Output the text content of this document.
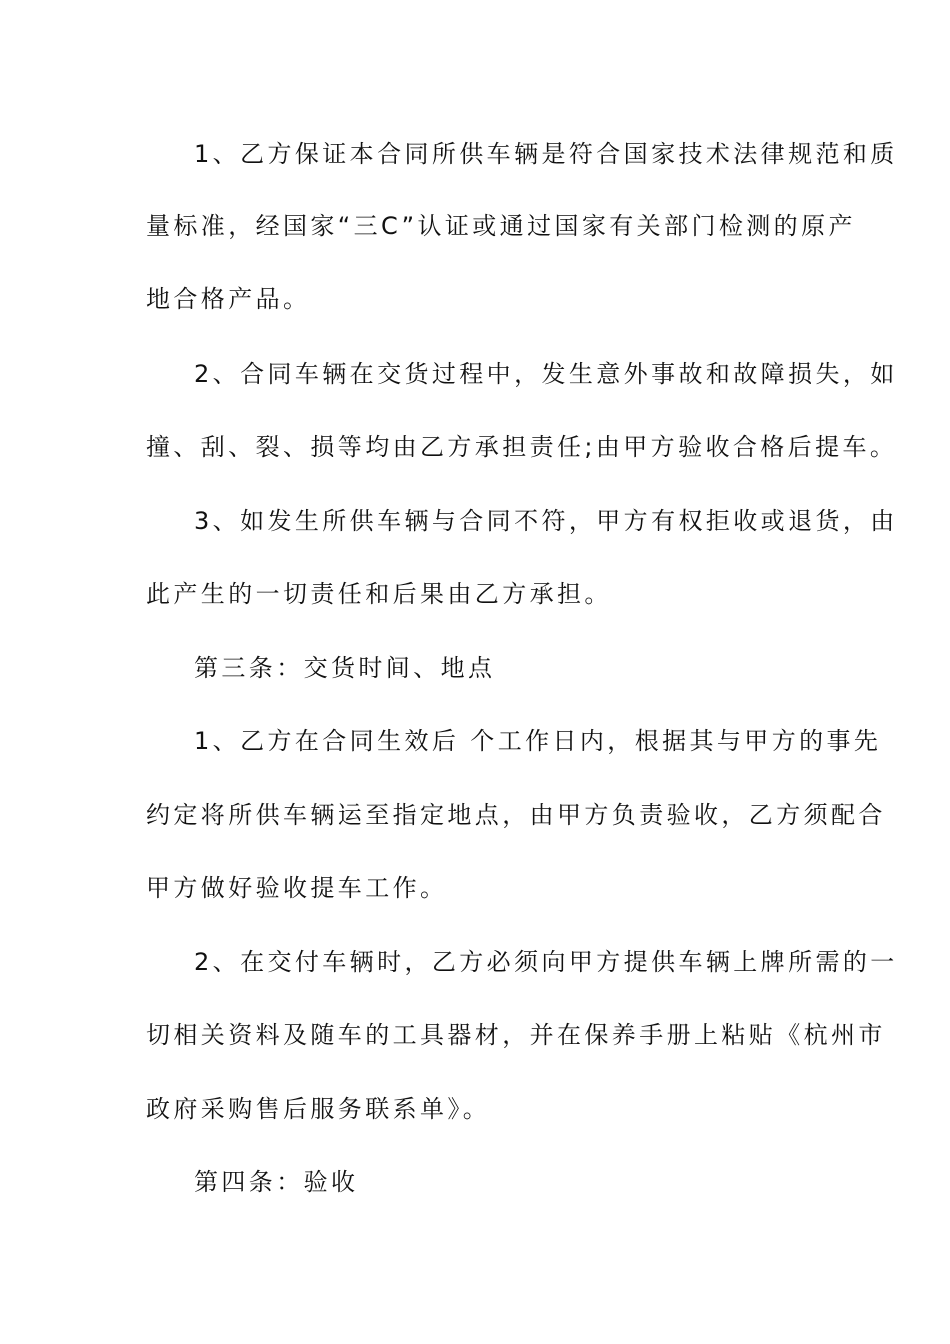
1、乙方保证本合同所供车辆是符合国家技术法律规范和质
量标准，经国家“三C”认证或通过国家有关部门检测的原产
地合格产品。
2、合同车辆在交货过程中，发生意外事故和故障损失，如
撞、刮、裂、损等均由乙方承担责任;由甲方验收合格后提车。
3、如发生所供车辆与合同不符，甲方有权拒收或退货，由
此产生的一切责任和后果由乙方承担。
第三条：交货时间、地点
1、乙方在合同生效后 个工作日内，根据其与甲方的事先
约定将所供车辆运至指定地点，由甲方负责验收，乙方须配合
甲方做好验收提车工作。
2、在交付车辆时，乙方必须向甲方提供车辆上牌所需的一
切相关资料及随车的工具器材，并在保养手册上粘贴《杭州市
政府采购售后服务联系单》。
第四条：验收
